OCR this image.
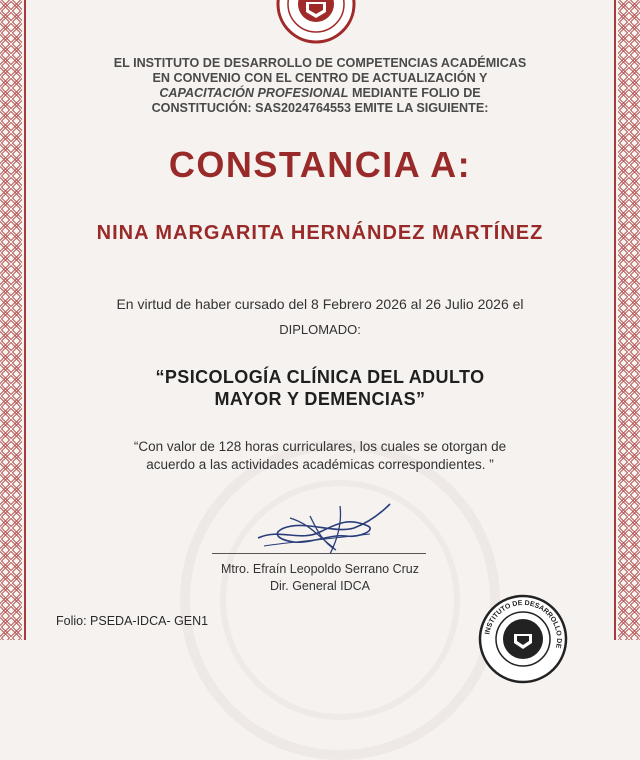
EL INSTITUTO DE DESARROLLO DE COMPETENCIAS ACADÉMICAS
EN CONVENIO CON EL CENTRO DE ACTUALIZACIÓN Y
CAPACITACIÓN PROFESIONAL MEDIANTE FOLIO DE
CONSTITUCIÓN: SAS2024764553 EMITE LA SIGUIENTE:
CONSTANCIA A:
NINA MARGARITA HERNÁNDEZ MARTÍNEZ
En virtud de haber cursado del 8 Febrero 2026 al 26 Julio 2026 el
DIPLOMADO:
“PSICOLOGÍA CLÍNICA DEL ADULTO
MAYOR Y DEMENCIAS”
“Con valor de 128 horas curriculares, los cuales se otorgan de
acuerdo a las actividades académicas correspondientes. ”
Mtro. Efraín Leopoldo Serrano Cruz
Dir. General IDCA
Folio: PSEDA-IDCA- GEN1
INSTITUTO DE DESARROLLO DE
